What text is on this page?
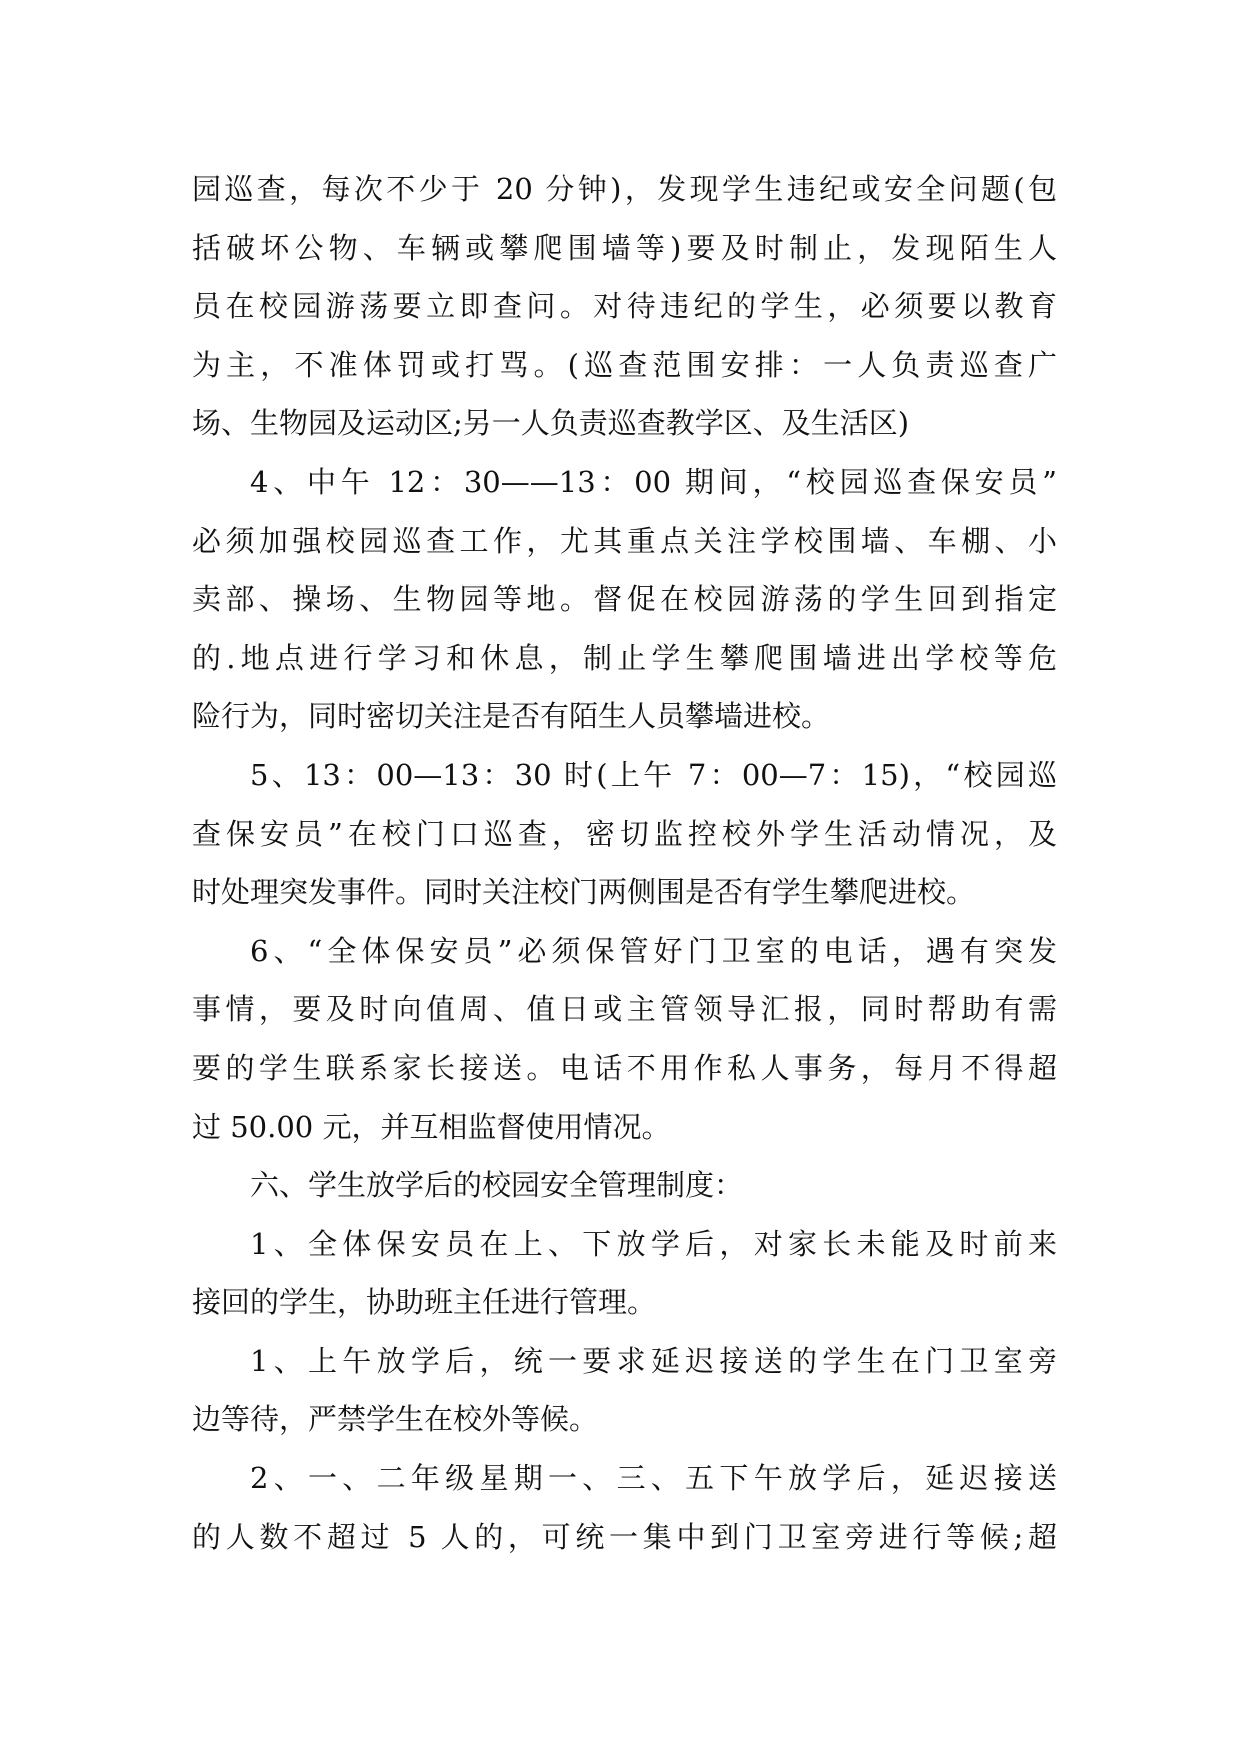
园巡查，每次不少于 20 分钟)，发现学生违纪或安全问题(包
括破坏公物、车辆或攀爬围墙等)要及时制止，发现陌生人
员在校园游荡要立即查问。对待违纪的学生，必须要以教育
为主，不准体罚或打骂。(巡查范围安排：一人负责巡查广
场、生物园及运动区;另一人负责巡查教学区、及生活区)
4、中午 12：30——13：00 期间，“校园巡查保安员”
必须加强校园巡查工作，尤其重点关注学校围墙、车棚、小
卖部、操场、生物园等地。督促在校园游荡的学生回到指定
的.地点进行学习和休息，制止学生攀爬围墙进出学校等危
险行为，同时密切关注是否有陌生人员攀墙进校。
5、13：00—13：30 时(上午 7：00—7：15)，“校园巡
查保安员”在校门口巡查，密切监控校外学生活动情况，及
时处理突发事件。同时关注校门两侧围是否有学生攀爬进校。
6、“全体保安员”必须保管好门卫室的电话，遇有突发
事情，要及时向值周、值日或主管领导汇报，同时帮助有需
要的学生联系家长接送。电话不用作私人事务，每月不得超
过 50.00 元，并互相监督使用情况。
六、学生放学后的校园安全管理制度：
1、全体保安员在上、下放学后，对家长未能及时前来
接回的学生，协助班主任进行管理。
1、上午放学后，统一要求延迟接送的学生在门卫室旁
边等待，严禁学生在校外等候。
2、一、二年级星期一、三、五下午放学后，延迟接送
的人数不超过 5 人的，可统一集中到门卫室旁进行等候;超
